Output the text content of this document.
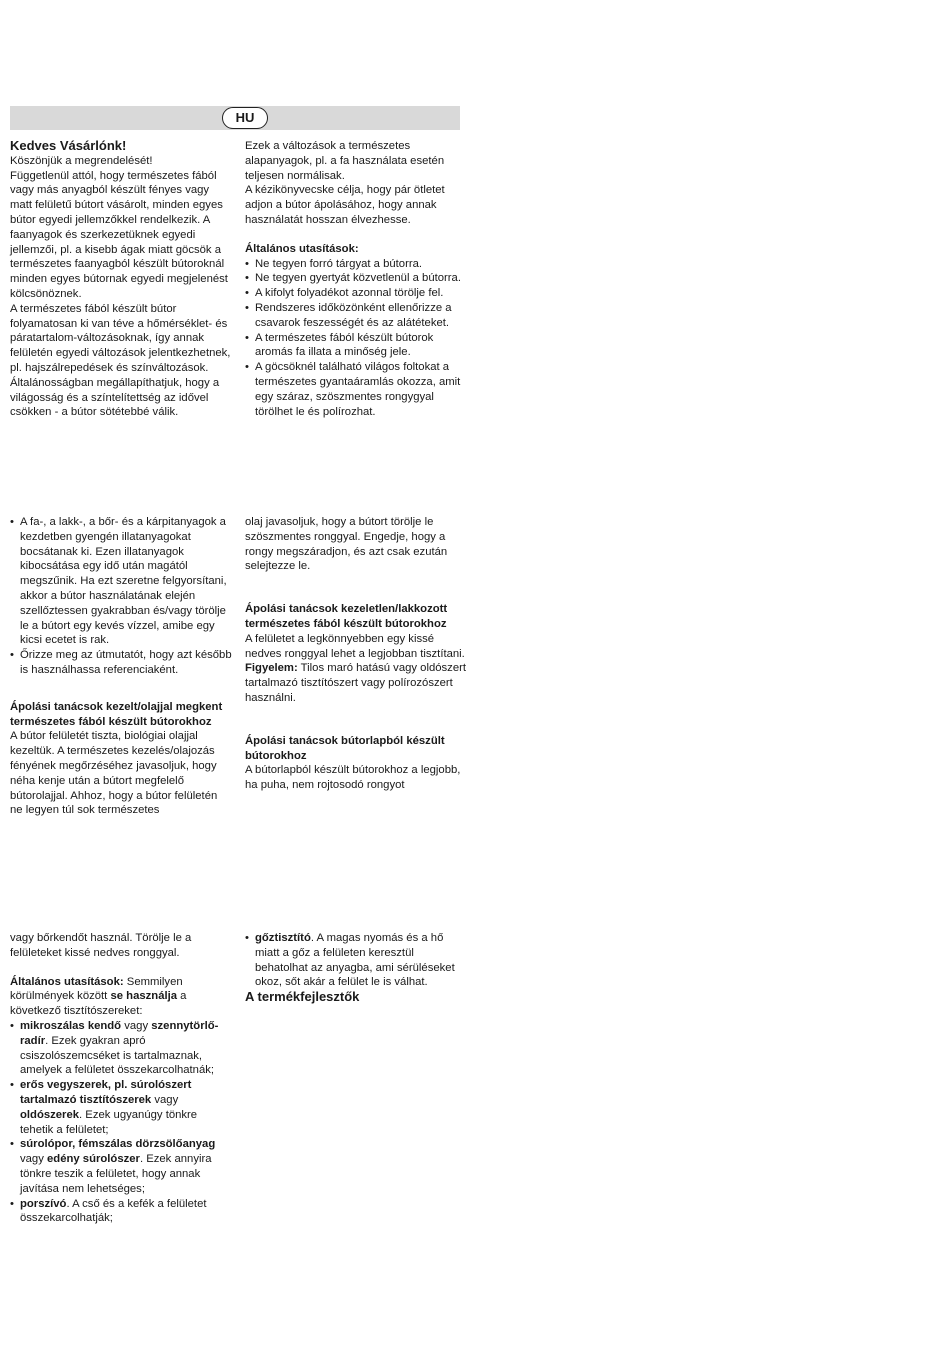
HU

Kedves Vásárlónk!

Köszönjük a megrendelését!

Függetlenül attól, hogy természetes fából vagy más anyagból készült fényes vagy matt felületű bútort vásárolt, minden egyes bútor egyedi jellemzőkkel rendelkezik. A faanyagok és szerkezetüknek egyedi jellemzői, pl. a kisebb ágak miatt göcsök a természetes faanyagból készült bútoroknál minden egyes bútornak egyedi megjelenést kölcsönöznek.

A természetes fából készült bútor folyamatosan ki van téve a hőmérséklet- és páratartalom-változásoknak, így annak felületén egyedi változások jelentkezhetnek, pl. hajszálrepedések és színváltozások. Általánosságban megállapíthatjuk, hogy a világosság és a színtelítettség az idővel csökken - a bútor sötétebbé válik.

Ezek a változások a természetes alapanyagok, pl. a fa használata esetén teljesen normálisak.

A kézikönyvecske célja, hogy pár ötletet adjon a bútor ápolásához, hogy annak használatát hosszan élvezhesse.

Általános utasítások:

• Ne tegyen forró tárgyat a bútorra.
• Ne tegyen gyertyát közvetlenül a bútorra.
• A kifolyt folyadékot azonnal törölje fel.
• Rendszeres időközönként ellenőrizze a csavarok feszességét és az alátéteket.
• A természetes fából készült bútorok aromás fa illata a minőség jele.
• A göcsöknél található világos foltokat a természetes gyantaáramlás okozza, amit egy száraz, szöszmentes rongygyal törölhet le és polírozhat.
• A fa-, a lakk-, a bőr- és a kárpitanyagok a kezdetben gyengén illatanyagokat bocsátanak ki. Ezen illatanyagok kibocsátása egy idő után magától megszűnik. Ha ezt szeretne felgyorsítani, akkor a bútor használatának elején szellőztessen gyakrabban és/vagy törölje le a bútort egy kevés vízzel, amibe egy kicsi ecetet is rak.
• Őrizze meg az útmutatót, hogy azt később is használhassa referenciaként.

Ápolási tanácsok kezelt/olajjal megkent természetes fából készült bútorokhoz

A bútor felületét tiszta, biológiai olajjal kezeltük. A természetes kezelés/olajozás fényének megőrzéséhez javasoljuk, hogy néha kenje után a bútort megfelelő bútorolajjal. Ahhoz, hogy a bútor felületén ne legyen túl sok természetes

olaj javasoljuk, hogy a bútort törölje le szöszmentes ronggyal. Engedje, hogy a rongy megszáradjon, és azt csak ezután selejtezze le.

Ápolási tanácsok kezeletlen/lakkozott természetes fából készült bútorokhoz

A felületet a legkönnyebben egy kissé nedves ronggyal lehet a legjobban tisztítani.

Figyelem: Tilos maró hatású vagy oldószert tartalmazó tisztítószert vagy polírozószert használni.

Ápolási tanácsok bútorlapból készült bútorokhoz

A bútorlapból készült bútorokhoz a legjobb, ha puha, nem rojtosodó rongyot

vagy bőrkendőt használ. Törölje le a felületeket kissé nedves ronggyal.

Általános utasítások: Semmilyen körülmények között se használja a következő tisztítószereket:

• mikroszálas kendő vagy szennytörlő-radír. Ezek gyakran apró csiszolószemcséket is tartalmaznak, amelyek a felületet összekarcolhatnák;
• erős vegyszerek, pl. súrolószert tartalmazó tisztítószerek vagy oldószerek. Ezek ugyanúgy tönkre tehetik a felületet;
• súrolópor, fémszálas dörzsölőanyag vagy edény súrolószer. Ezek annyira tönkre teszik a felületet, hogy annak javítása nem lehetséges;
• porszívó. A cső és a kefék a felületet összekarcolhatják;
• gőztisztító. A magas nyomás és a hő miatt a gőz a felületen keresztül behatolhat az anyagba, ami sérüléseket okoz, sőt akár a felület le is válhat.

A termékfejlesztők
